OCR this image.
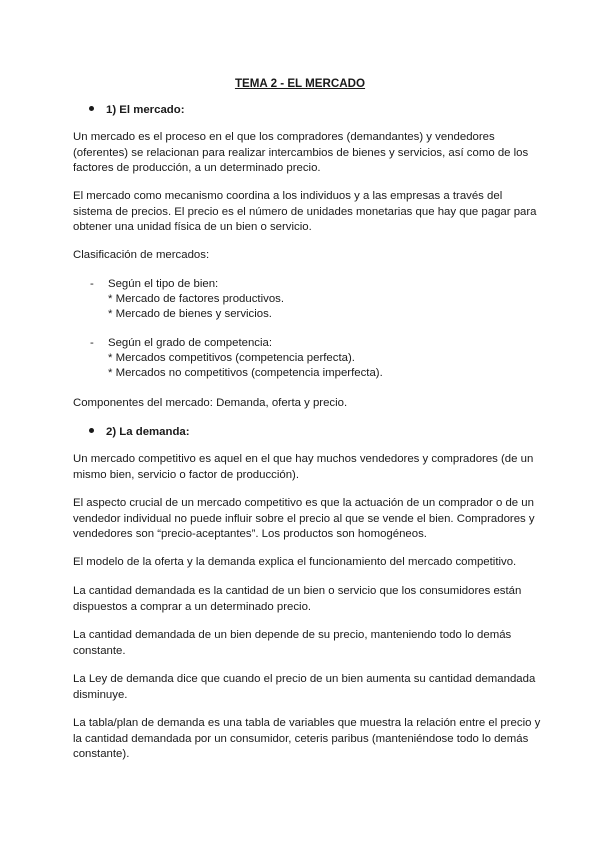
TEMA 2 - EL MERCADO
1) El mercado:
Un mercado es el proceso en el que los compradores (demandantes) y vendedores
(oferentes) se relacionan para realizar intercambios de bienes y servicios, así como de los
factores de producción, a un determinado precio.
El mercado como mecanismo coordina a los individuos y a las empresas a través del
sistema de precios. El precio es el número de unidades monetarias que hay que pagar para
obtener una unidad física de un bien o servicio.
Clasificación de mercados:
- Según el tipo de bien:
* Mercado de factores productivos.
* Mercado de bienes y servicios.
- Según el grado de competencia:
* Mercados competitivos (competencia perfecta).
* Mercados no competitivos (competencia imperfecta).
Componentes del mercado: Demanda, oferta y precio.
2) La demanda:
Un mercado competitivo es aquel en el que hay muchos vendedores y compradores (de un
mismo bien, servicio o factor de producción).
El aspecto crucial de un mercado competitivo es que la actuación de un comprador o de un
vendedor individual no puede influir sobre el precio al que se vende el bien. Compradores y
vendedores son “precio-aceptantes”. Los productos son homogéneos.
El modelo de la oferta y la demanda explica el funcionamiento del mercado competitivo.
La cantidad demandada es la cantidad de un bien o servicio que los consumidores están
dispuestos a comprar a un determinado precio.
La cantidad demandada de un bien depende de su precio, manteniendo todo lo demás
constante.
La Ley de demanda dice que cuando el precio de un bien aumenta su cantidad demandada
disminuye.
La tabla/plan de demanda es una tabla de variables que muestra la relación entre el precio y
la cantidad demandada por un consumidor, ceteris paribus (manteniéndose todo lo demás
constante).
